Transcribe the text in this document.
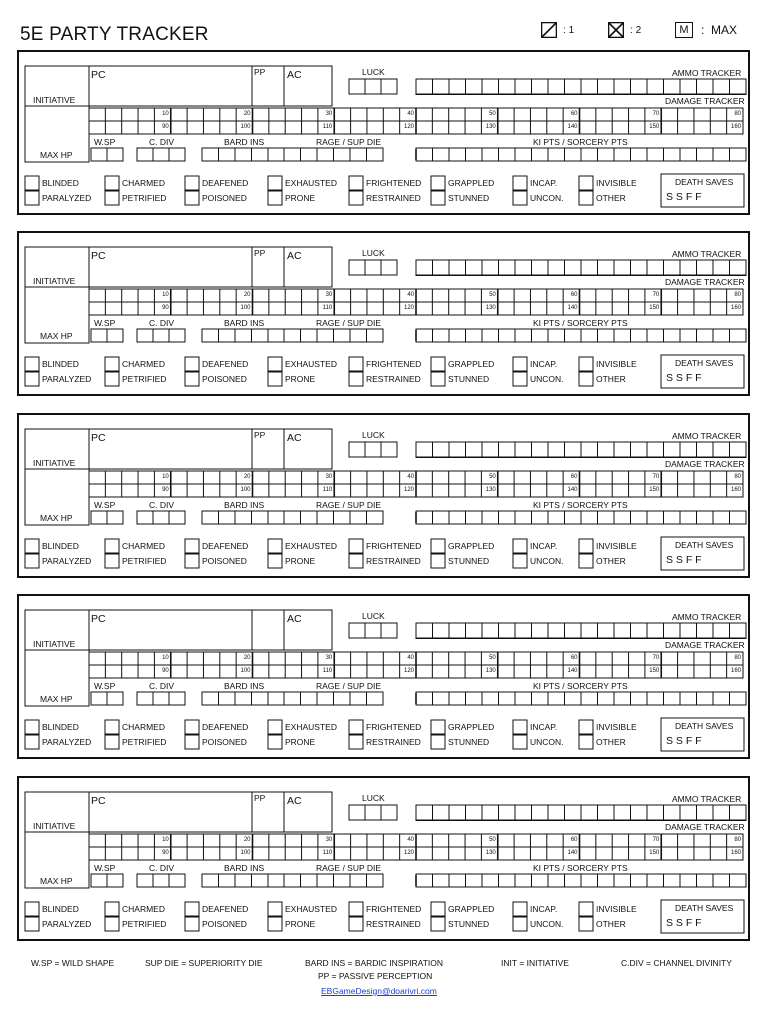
5E PARTY TRACKER	: 1	: 2	M	:  MAX
INITIATIVE
PC	PP AC
MAX HP
LUCK	AMMO TRACKER
DAMAGE TRACKER
10	20	30	40	50	60	70	80
90	100	110	120	130	140	150	160
W.SP	C. DIV	BARD INS	RAGE / SUP DIE	KI PTS / SORCERY PTS
BLINDED	CHARMED	DEAFENED	EXHAUSTED	FRIGHTENED	GRAPPLED	INCAP.	INVISIBLE
PARALYZED	PETRIFIED	POISONED	PRONE	RESTRAINED	STUNNED	UNCON.	OTHER
DEATH SAVES
S S F F
INITIATIVE
PC	PP AC
MAX HP
LUCK	AMMO TRACKER
DAMAGE TRACKER
10	20	30	40	50	60	70	80
90	100	110	120	130	140	150	160
W.SP	C. DIV	BARD INS	RAGE / SUP DIE	KI PTS / SORCERY PTS
BLINDED	CHARMED	DEAFENED	EXHAUSTED	FRIGHTENED	GRAPPLED	INCAP.	INVISIBLE
PARALYZED	PETRIFIED	POISONED	PRONE	RESTRAINED	STUNNED	UNCON.	OTHER
DEATH SAVES
S S F F
INITIATIVE
PC	PP AC
MAX HP
LUCK	AMMO TRACKER
DAMAGE TRACKER
10	20	30	40	50	60	70	80
90	100	110	120	130	140	150	160
W.SP	C. DIV	BARD INS	RAGE / SUP DIE	KI PTS / SORCERY PTS
BLINDED	CHARMED	DEAFENED	EXHAUSTED	FRIGHTENED	GRAPPLED	INCAP.	INVISIBLE
PARALYZED	PETRIFIED	POISONED	PRONE	RESTRAINED	STUNNED	UNCON.	OTHER
DEATH SAVES
S S F F
INITIATIVE
PC	AC
MAX HP
LUCK	AMMO TRACKER
DAMAGE TRACKER
10	20	30	40	50	60	70	80
90	100	110	120	130	140	150	160
W.SP	C. DIV	BARD INS	RAGE / SUP DIE	KI PTS / SORCERY PTS
BLINDED	CHARMED	DEAFENED	EXHAUSTED	FRIGHTENED	GRAPPLED	INCAP.	INVISIBLE
PARALYZED	PETRIFIED	POISONED	PRONE	RESTRAINED	STUNNED	UNCON.	OTHER
DEATH SAVES
S S F F
INITIATIVE
PC	PP AC
MAX HP
LUCK	AMMO TRACKER
DAMAGE TRACKER
10	20	30	40	50	60	70	80
90	100	110	120	130	140	150	160
W.SP	C. DIV	BARD INS	RAGE / SUP DIE	KI PTS / SORCERY PTS
BLINDED	CHARMED	DEAFENED	EXHAUSTED	FRIGHTENED	GRAPPLED	INCAP.	INVISIBLE
PARALYZED	PETRIFIED	POISONED	PRONE	RESTRAINED	STUNNED	UNCON.	OTHER
DEATH SAVES
S S F F
W.SP = WILD SHAPE	SUP DIE = SUPERIORITY DIE	BARD INS = BARDIC INSPIRATION
PP = PASSIVE PERCEPTION
INIT = INITIATIVE	C.DIV = CHANNEL DIVINITY
EBGameDesign@doarivri.com
